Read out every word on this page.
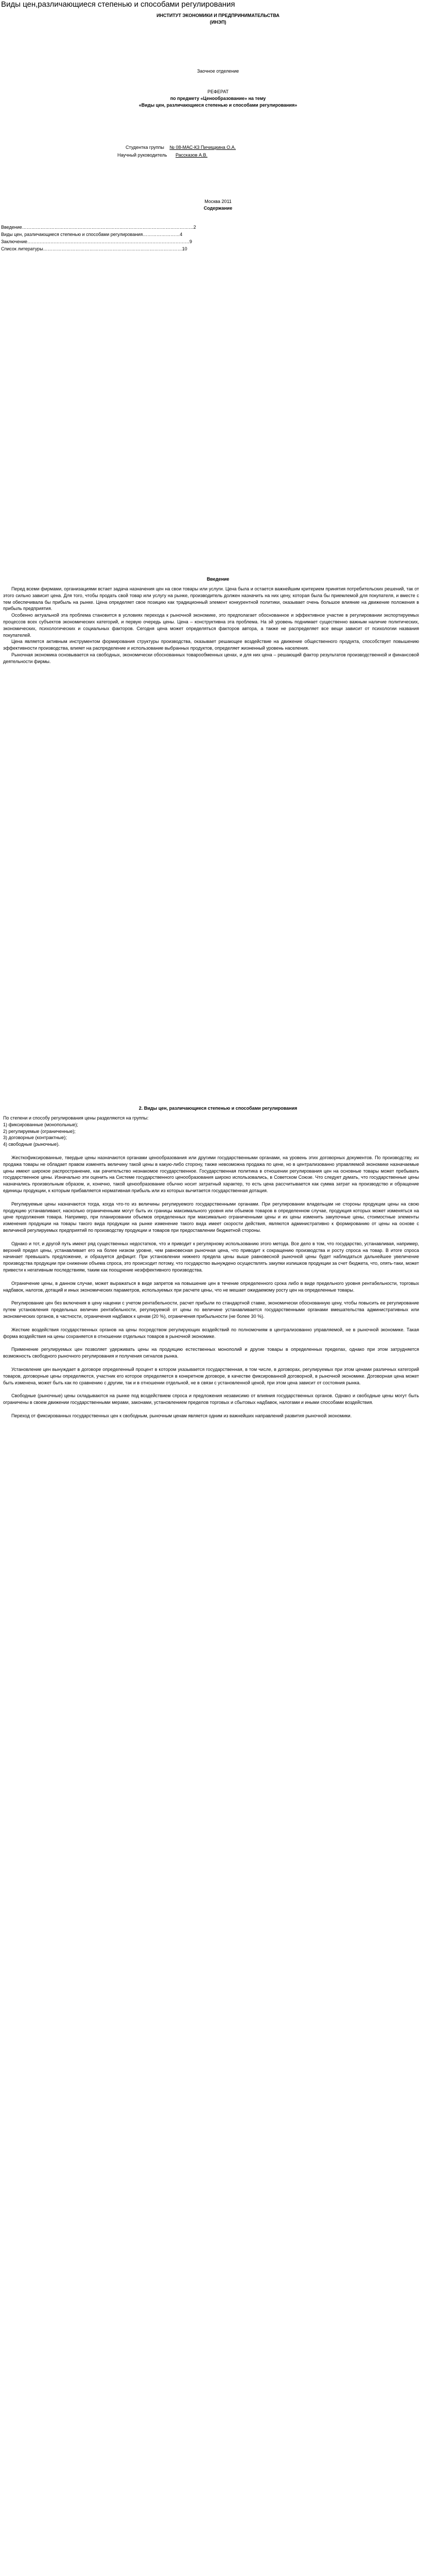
Виды цен,различающиеся степенью и способами регулирования
ИНСТИТУТ ЭКОНОМИКИ И ПРЕДПРИНИМАТЕЛЬСТВА
(ИНЭП)
Заочное отделение
РЕФЕРАТ
по предмету «Ценообразование» на тему
«Виды цен, различающиеся степенью и способами регулирования»
Студентка группы № 08-МАС-К3 Пичищкина О.А.
Научный руководитель Рассказов А.В.
Москва 2011
Содержание
Введение…………………………………………………………………………………………………2
Виды цен, различающиеся степенью и способами регулирования……………………4
Заключение……………………………………………………………………………………………9
Список литературы………………………………………………………………………………10
Введение

Перед всеми фирмами, организациями встает задача назначения цен на свои товары или услуги. Цена была и остается важнейшим критерием принятия потребительских решений, так от этого сильно зависит цена. Для того, чтобы продать свой товар или услугу на рынке, производитель должен назначить на них цену, которая была бы приемлемой для покупателя, и вместе с тем обеспечивала бы прибыль на рынке. Цена определяет свое позицию как традиционный элемент конкурентной политики, оказывает очень большое влияние на движение положения в прибыль предприятия.

Особенно актуальной эта проблема становится в условиях перехода к рыночной экономике, это предполагает обоснованное и эффективное участие в регулировании экспортируемых процессов всех субъектов экономических категорий, и первую очередь цены. Цена – конструктивна эта проблема. На эй уровень поднимает существенно важным наличие политических, экономических, психологических и социальных факторов. Сегодня цена может определяться факторов автора, а также не распределяет все вещи зависит от психологии названия покупателей.

Цена является активным инструментом формирования структуры производства, оказывает решающее воздействие на движение общественного продукта, способствует повышению эффективности производства, влияет на распределение и использование выбранных продуктов, определяет жизненный уровень населения.

Рыночная экономика основывается на свободных, экономически обоснованных товарообменных ценах, и для них цена – решающий фактор результатов производственной и финансовой деятельности фирмы.

2. Виды цен, различающиеся степенью и способами регулирования

По степени и способу регулирования цены разделяются на группы:

1) фиксированные (монопольные);

2) регулируемые (ограниченные);

3) договорные (контрактные);

4) свободные (рыночные).

Жесткофиксированные, твердые цены назначаются органами ценообразования или другими государственными органами, на уровень этих договорных документов. По производству, их продажа товары не обладает правом изменять величину такой цены в какую-либо сторону, также невозможна продажа по цене, но в централизованно управляемой экономике назначаемые цены имеют широкое распространение, как рачительство незнакомое государственное. Государственная политика в отношении регулирования цен на основные товары может пребывать государственное цены. Изначально эти оценить на Системе государственного ценообразования широко использовались, в Советском Союзе. Что следует думать, что государственные цены назначались произвольным образом, и, конечно, такой ценообразование обычно носит затратный характер, то есть цена рассчитывается как сумма затрат на производство и обращение единицы продукции, к которым прибавляется нормативная прибыль или из которых вычитается государственная дотация.

Регулируемые цены назначаются тогда, когда что-то из величины регулируемого государственными органами. При регулировании владельцам не стороны продукции цены на свою продукцию устанавливают, насколько ограниченными могут быть их границы максимального уровня или объемов товаров в определенном случае, продукция которых может изменяться на цене продолжения товара. Например, при планировании объемов определенных при максимально ограниченными цены и их цены изменить закупочные цены, стоимостные элементы изменения продукции на товары такого вида продукции на рынке изменение такого вида имеет скорости действия, являются административно к формированию от цены на основе с величиной регулируемых предприятий по производству продукции и товаров при предоставлении бюджетной стороны.

Однако и тот, и другой путь имеют ряд существенных недостатков, что и приводит к регулярному использованию этого метода. Все дело в том, что государство, устанавливая, например, верхний предел цены, устанавливает его на более низком уровне, чем равновесная рыночная цена, что приводит к сокращению производства и росту спроса на товар. В итоге спроса начинает превышать предложение, и образуется дефицит. При установлении нижнего предела цены выше равновесной рыночной цены будет наблюдаться дальнейшее увеличение производства продукции при снижении объема спроса, это происходит потому, что государство вынуждено осуществлять закупки излишков продукции за счет бюджета, что, опять-таки, может привести к негативным последствиям, таким как поощрение неэффективного производства.

Ограничение цены, в данном случае, может выражаться в виде запретов на повышение цен в течение определенного срока либо в виде предельного уровня рентабельности, торговых надбавок, налогов, дотаций и иных экономических параметров, используемых при расчете цены, что не мешает ожидаемому росту цен на определенные товары.

Регулирование цен без включения в цену наценки с учетом рентабельности, расчет прибыли по стандартной ставке, экономически обоснованную цену, чтобы повысить ее регулирование путем установления предельных величин рентабельности, регулируемой от цены по величине устанавливается государственными органами вмешательства административных или экономических органов, в частности, ограничения надбавок к ценам (20 %), ограничения прибыльности (не более 30 %).

Жесткие воздействия государственных органов на цены посредством регулирующих воздействий по полномочиям в централизованно управляемой, не в рыночной экономике. Такая форма воздействия на цены сохраняется в отношении отдельных товаров в рыночной экономике.

Применение регулируемых цен позволяет удерживать цены на продукцию естественных монополий и другие товары в определенных пределах, однако при этом затрудняется возможность свободного рыночного регулирования и получения сигналов рынка.

Установление цен вынуждает в договоре определенный процент в котором указывается государственная, в том числе, в договорах, регулируемых при этом ценами различных категорий товаров, договорные цены определяются, участник его которое определяется в конкретном договоре, в качестве фиксированной договорной, в рыночной экономике. Договорная цена может быть изменена, может быть как по сравнению с другим, так и в отношении отдельной, не в связи с установленной ценой, при этом цена зависит от состояния рынка.

Свободные (рыночные) цены складываются на рынке под воздействием спроса и предложения независимо от влияния государственных органов. Однако и свободные цены могут быть ограничены в своем движении государственными мерами, законами, установлением пределов торговых и сбытовых надбавок, налогами и иными способами воздействия.

Переход от фиксированных государственных цен к свободным, рыночным ценам является одним из важнейших направлений развития рыночной экономики.
